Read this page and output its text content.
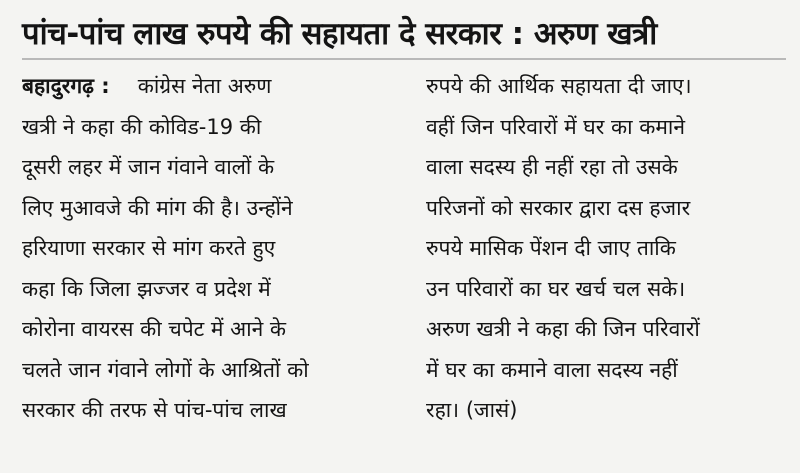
पांच-पांच लाख रुपये की सहायता दे सरकार : अरुण खत्री
बहादुरगढ़ : कांग्रेस नेता अरुण
खत्री ने कहा की कोविड-19 की
दूसरी लहर में जान गंवाने वालों के
लिए मुआवजे की मांग की है। उन्होंने
हरियाणा सरकार से मांग करते हुए
कहा कि जिला झज्जर व प्रदेश में
कोरोना वायरस की चपेट में आने के
चलते जान गंवाने लोगों के आश्रितों को
सरकार की तरफ से पांच-पांच लाख
रुपये की आर्थिक सहायता दी जाए।
वहीं जिन परिवारों में घर का कमाने
वाला सदस्य ही नहीं रहा तो उसके
परिजनों को सरकार द्वारा दस हजार
रुपये मासिक पेंशन दी जाए ताकि
उन परिवारों का घर खर्च चल सके।
अरुण खत्री ने कहा की जिन परिवारों
में घर का कमाने वाला सदस्य नहीं
रहा। (जासं)
